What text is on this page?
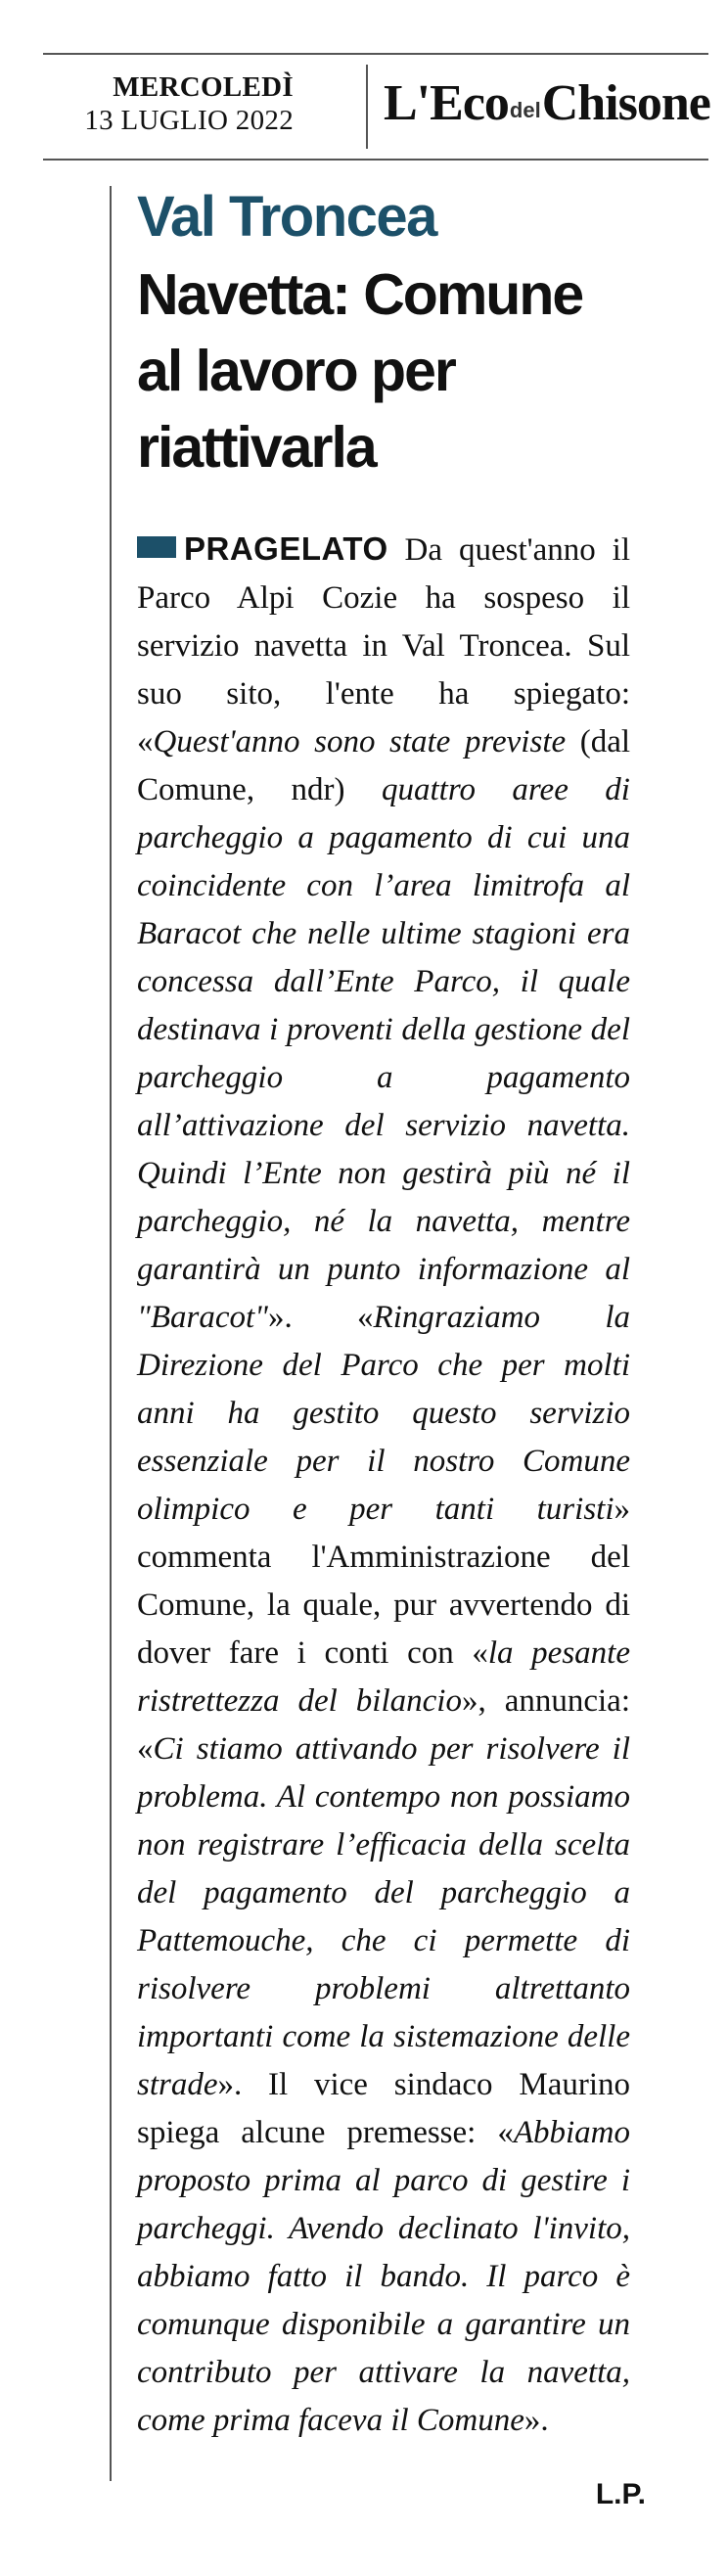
MERCOLEDÌ
13 LUGLIO 2022 L'EcodelChisone
Val Troncea
Navetta: Comune al lavoro per riattivarla

PRAGELATO Da quest'anno il Parco Alpi Cozie ha sospeso il servizio navetta in Val Troncea. Sul suo sito, l'ente ha spiegato: «Quest'anno sono state previste (dal Comune, ndr) quattro aree di parcheggio a pagamento di cui una coincidente con l’area limitrofa al Baracot che nelle ultime stagioni era concessa dall’Ente Parco, il quale destinava i proventi della gestione del parcheggio a pagamento all’attivazione del servizio navetta. Quindi l’Ente non gestirà più né il parcheggio, né la navetta, mentre garantirà un punto informazione al "Baracot"». «Ringraziamo la Direzione del Parco che per molti anni ha gestito questo servizio essenziale per il nostro Comune olimpico e per tanti turisti» commenta l'Amministrazione del Comune, la quale, pur avvertendo di dover fare i conti con «la pesante ristrettezza del bilancio», annuncia: «Ci stiamo attivando per risolvere il problema. Al contempo non possiamo non registrare l’efficacia della scelta del pagamento del parcheggio a Pattemouche, che ci permette di risolvere problemi altrettanto importanti come la sistemazione delle strade». Il vice sindaco Maurino spiega alcune premesse: «Abbiamo proposto prima al parco di gestire i parcheggi. Avendo declinato l'invito, abbiamo fatto il bando. Il parco è comunque disponibile a garantire un contributo per attivare la navetta, come prima faceva il Comune».

L.P.
